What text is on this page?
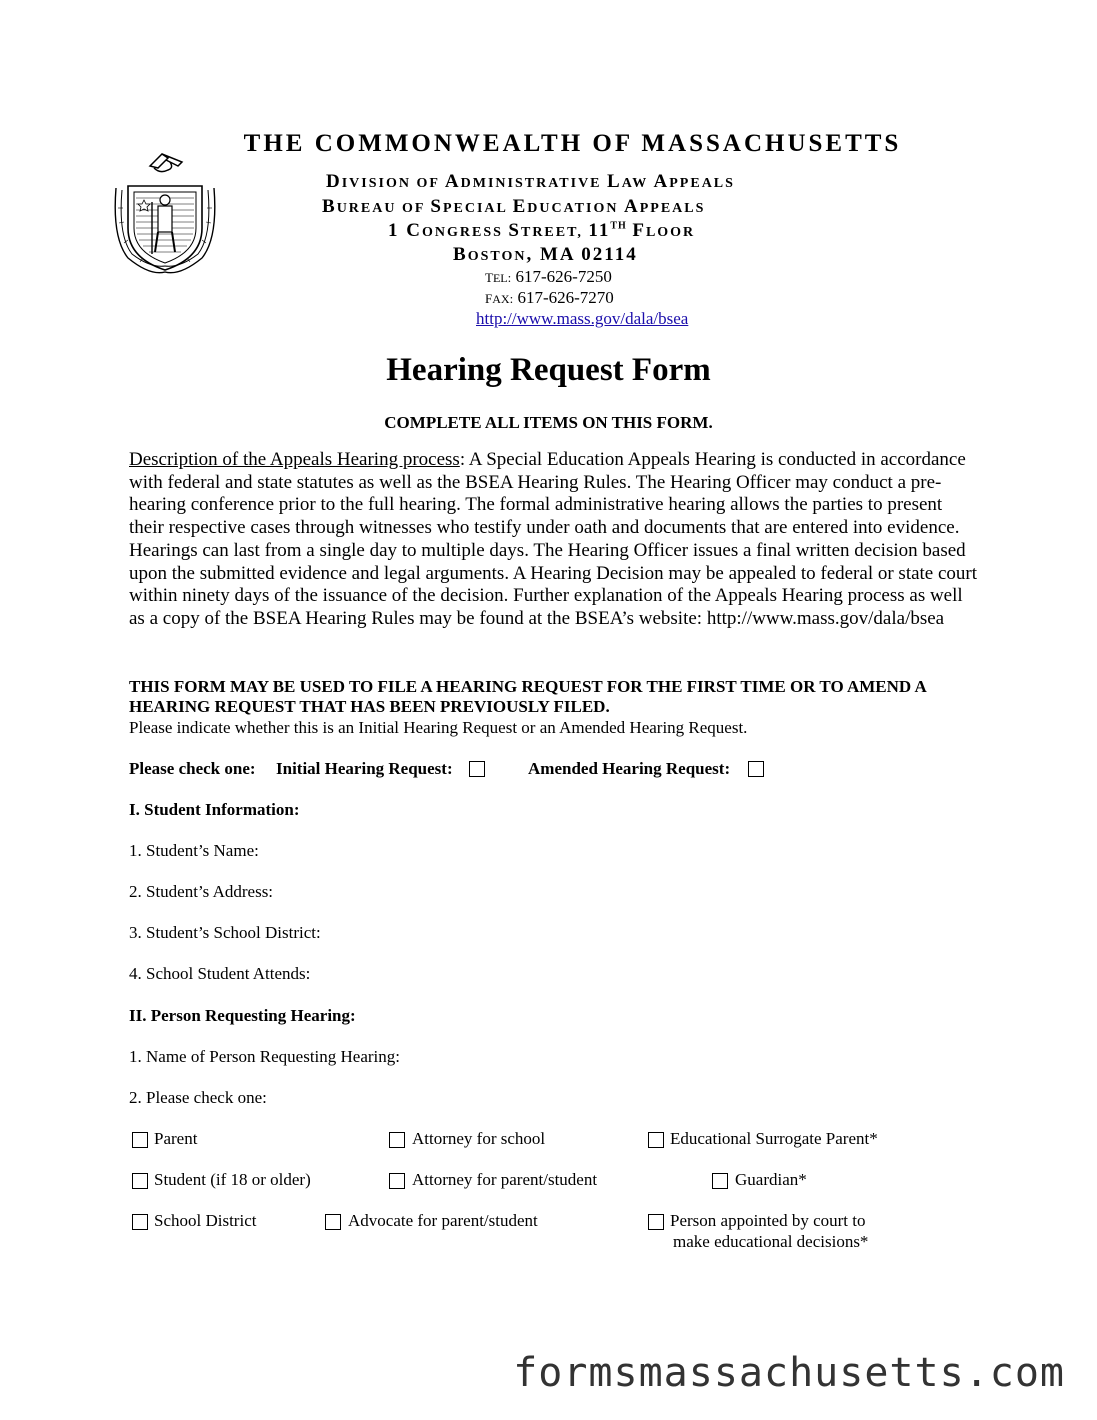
THE COMMONWEALTH OF MASSACHUSETTS
DIVISION OF ADMINISTRATIVE LAW APPEALS
BUREAU OF SPECIAL EDUCATION APPEALS
1 CONGRESS STREET, 11TH FLOOR
BOSTON, MA 02114
TEL: 617-626-7250
FAX: 617-626-7270
http://www.mass.gov/dala/bsea
Hearing Request Form
COMPLETE ALL ITEMS ON THIS FORM.
Description of the Appeals Hearing process: A Special Education Appeals Hearing is conducted in accordance with federal and state statutes as well as the BSEA Hearing Rules. The Hearing Officer may conduct a pre-hearing conference prior to the full hearing. The formal administrative hearing allows the parties to present their respective cases through witnesses who testify under oath and documents that are entered into evidence. Hearings can last from a single day to multiple days. The Hearing Officer issues a final written decision based upon the submitted evidence and legal arguments. A Hearing Decision may be appealed to federal or state court within ninety days of the issuance of the decision. Further explanation of the Appeals Hearing process as well as a copy of the BSEA Hearing Rules may be found at the BSEA’s website: http://www.mass.gov/dala/bsea
THIS FORM MAY BE USED TO FILE A HEARING REQUEST FOR THE FIRST TIME OR TO AMEND A HEARING REQUEST THAT HAS BEEN PREVIOUSLY FILED.
Please indicate whether this is an Initial Hearing Request or an Amended Hearing Request.
Please check one: Initial Hearing Request:	Amended Hearing Request:
I. Student Information:
1. Student’s Name:
2. Student’s Address:
3. Student’s School District:
4. School Student Attends:
II. Person Requesting Hearing:
1. Name of Person Requesting Hearing:
2. Please check one:
Parent	Attorney for school	Educational Surrogate Parent*
Student (if 18 or older)	Attorney for parent/student	Guardian*
School District	Advocate for parent/student	Person appointed by court to
make educational decisions*
formsmassachusetts.com
